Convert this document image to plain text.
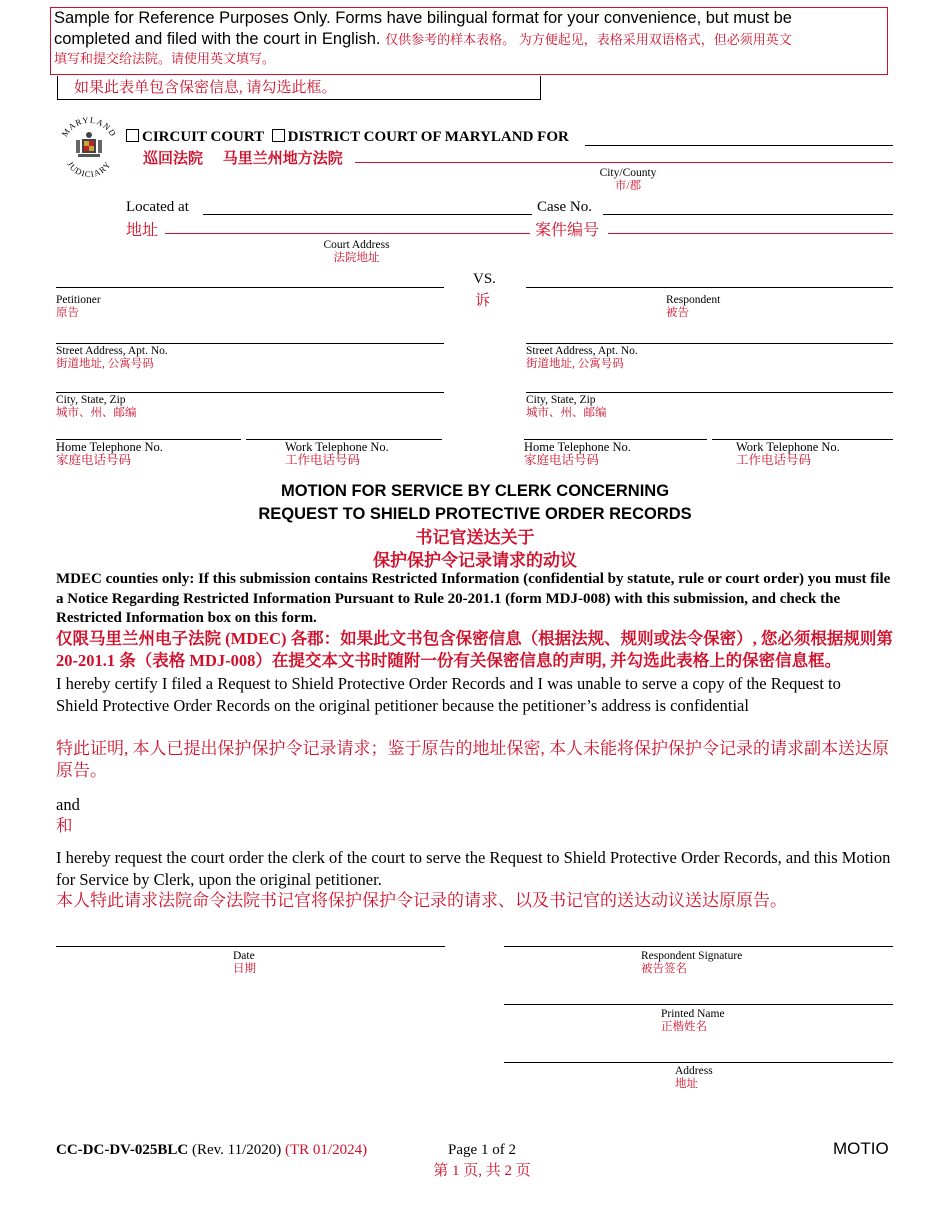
Sample for Reference Purposes Only. Forms have bilingual format for your convenience, but must be
completed and filed with the court in English. 仅供参考的样本表格。 为方便起见，表格采用双语格式，但必须用英文
填写和提交给法院。请使用英文填写。
如果此表单包含保密信息, 请勾选此框。
MARYLAND
JUDICIARY
CIRCUIT COURT DISTRICT COURT OF MARYLAND FOR
巡回法院 马里兰州地方法院
City/County
市/郡
Located at
地址
Case No.
案件编号
Court Address
法院地址
VS.
诉
Petitioner
原告
Street Address, Apt. No.
街道地址, 公寓号码
City, State, Zip
城市、州、邮编
Home Telephone No.
家庭电话号码
Work Telephone No.
工作电话号码
Respondent
被告
Street Address, Apt. No.
街道地址, 公寓号码
City, State, Zip
城市、州、邮编
Home Telephone No.
家庭电话号码
Work Telephone No.
工作电话号码
MOTION FOR SERVICE BY CLERK CONCERNING
REQUEST TO SHIELD PROTECTIVE ORDER RECORDS
书记官送达关于
保护保护令记录请求的动议
MDEC counties only: If this submission contains Restricted Information (confidential by statute, rule or court order) you must file a Notice Regarding Restricted Information Pursuant to Rule 20-201.1 (form MDJ-008) with this submission, and check the Restricted Information box on this form.
仅限马里兰州电子法院 (MDEC) 各郡：如果此文书包含保密信息（根据法规、规则或法令保密）, 您必须根据规则第 20-201.1 条（表格 MDJ-008）在提交本文书时随附一份有关保密信息的声明, 并勾选此表格上的保密信息框。
I hereby certify I filed a Request to Shield Protective Order Records and I was unable to serve a copy of the Request to Shield Protective Order Records on the original petitioner because the petitioner’s address is confidential
特此证明, 本人已提出保护保护令记录请求；鉴于原告的地址保密, 本人未能将保护保护令记录的请求副本送达原原告。
and
和
I hereby request the court order the clerk of the court to serve the Request to Shield Protective Order Records, and this Motion for Service by Clerk, upon the original petitioner.
本人特此请求法院命令法院书记官将保护保护令记录的请求、以及书记官的送达动议送达原原告。
Date
日期
Respondent Signature
被告签名
Printed Name
正楷姓名
Address
地址
CC-DC-DV-025BLC (Rev. 11/2020) (TR 01/2024)	Page 1 of 2
第 1 页, 共 2 页
MOTIO
